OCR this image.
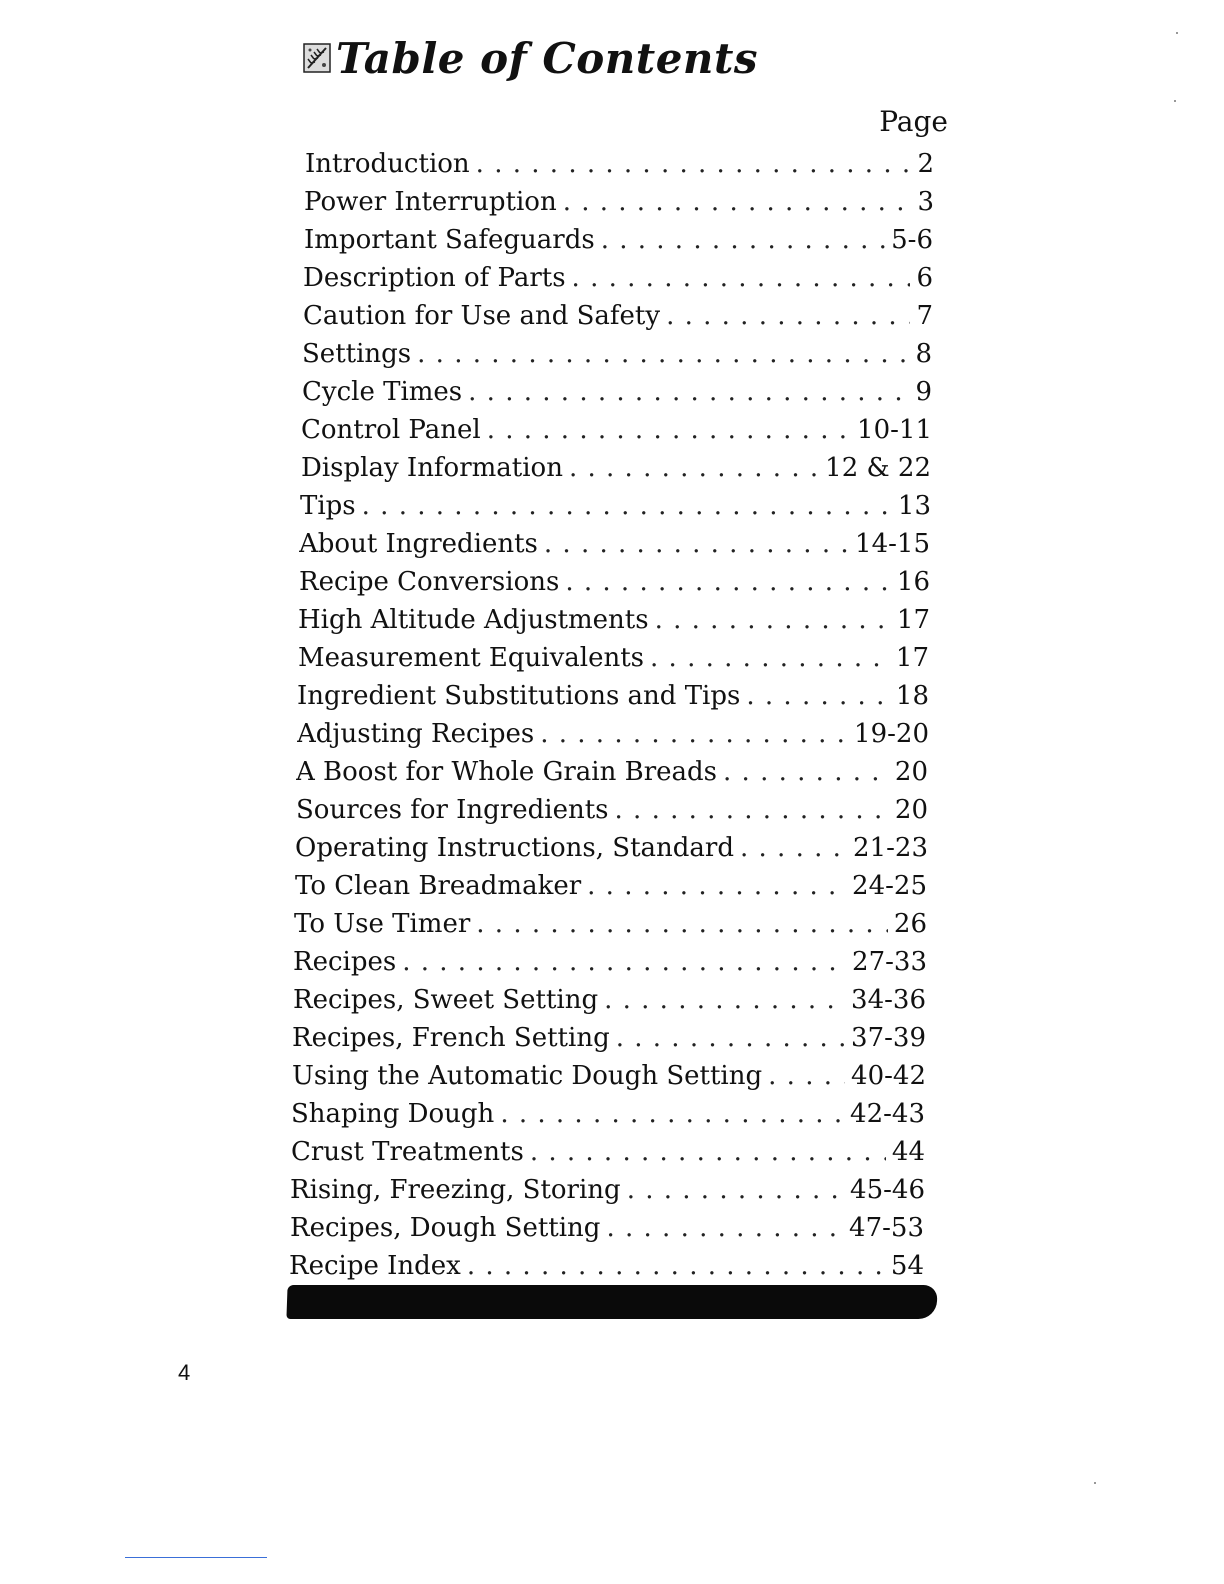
Table of Contents
Page
Introduction . . .	2
Power Interruption . . .	3
Important Safeguards . . .	5-6
Description of Parts . . .	6
Caution for Use and Safety . . .	7
Settings . . .	8
Cycle Times . . .	9
Control Panel . . .	10-11
Display Information . . .	12 & 22
Tips . . .	13
About Ingredients . . .	14-15
Recipe Conversions . . .	16
High Altitude Adjustments . . .	17
Measurement Equivalents . . .	17
Ingredient Substitutions and Tips . . .	18
Adjusting Recipes . . .	19-20
A Boost for Whole Grain Breads . . .	20
Sources for Ingredients . . .	20
Operating Instructions, Standard . . .	21-23
To Clean Breadmaker . . .	24-25
To Use Timer . . .	26
Recipes . . .	27-33
Recipes, Sweet Setting . . .	34-36
Recipes, French Setting . . .	37-39
Using the Automatic Dough Setting . . .	40-42
Shaping Dough . . .	42-43
Crust Treatments . . .	44
Rising, Freezing, Storing . . .	45-46
Recipes, Dough Setting . . .	47-53
Recipe Index . . .	54
4
